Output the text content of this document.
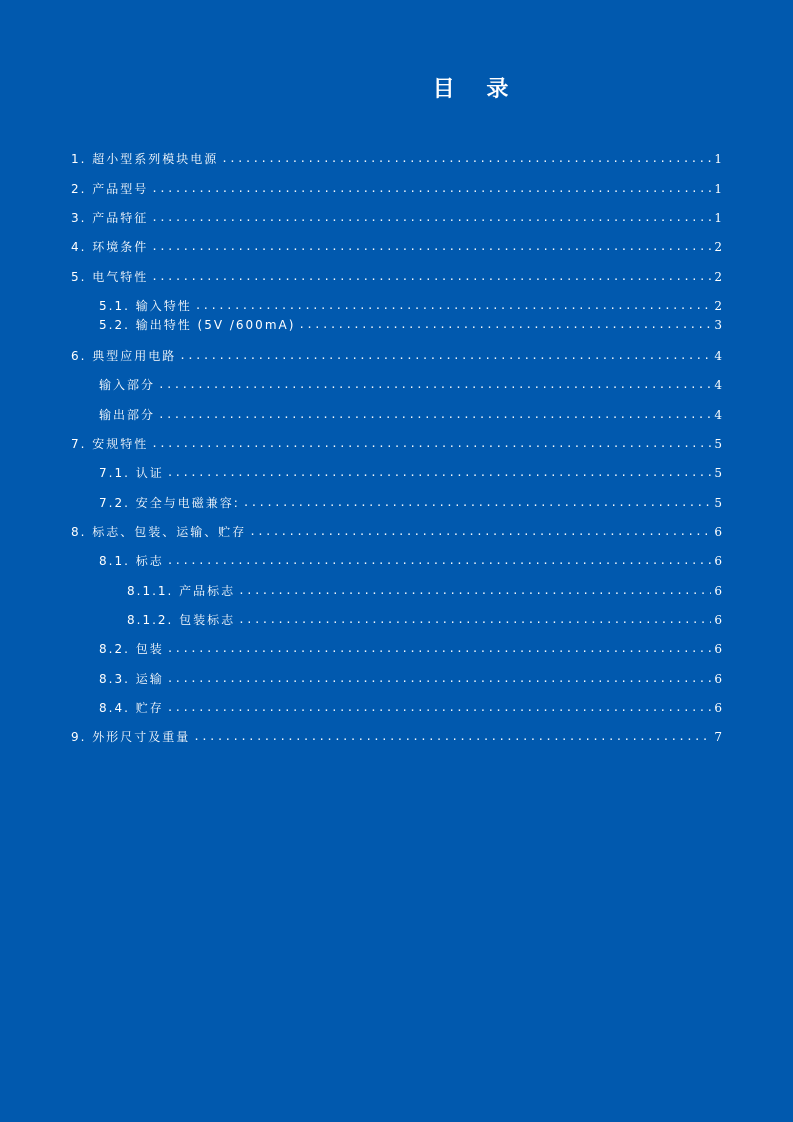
目 录
1. 超小型系列模块电源 .....	1
2. 产品型号 .....	1
3. 产品特征 .....	1
4. 环境条件 .....	2
5. 电气特性 .....	2
5.1. 输入特性 .....	2
5.2. 输出特性 (5V /600mA) .....	3
6. 典型应用电路 .....	4
输入部分 .....	4
输出部分 .....	4
7. 安规特性 .....	5
7.1. 认证 .....	5
7.2. 安全与电磁兼容: .....	5
8. 标志、包装、运输、贮存 .....	6
8.1. 标志 .....	6
8.1.1. 产品标志 .....	6
8.1.2. 包装标志 .....	6
8.2. 包装 .....	6
8.3. 运输 .....	6
8.4. 贮存 .....	6
9. 外形尺寸及重量 .....	7
